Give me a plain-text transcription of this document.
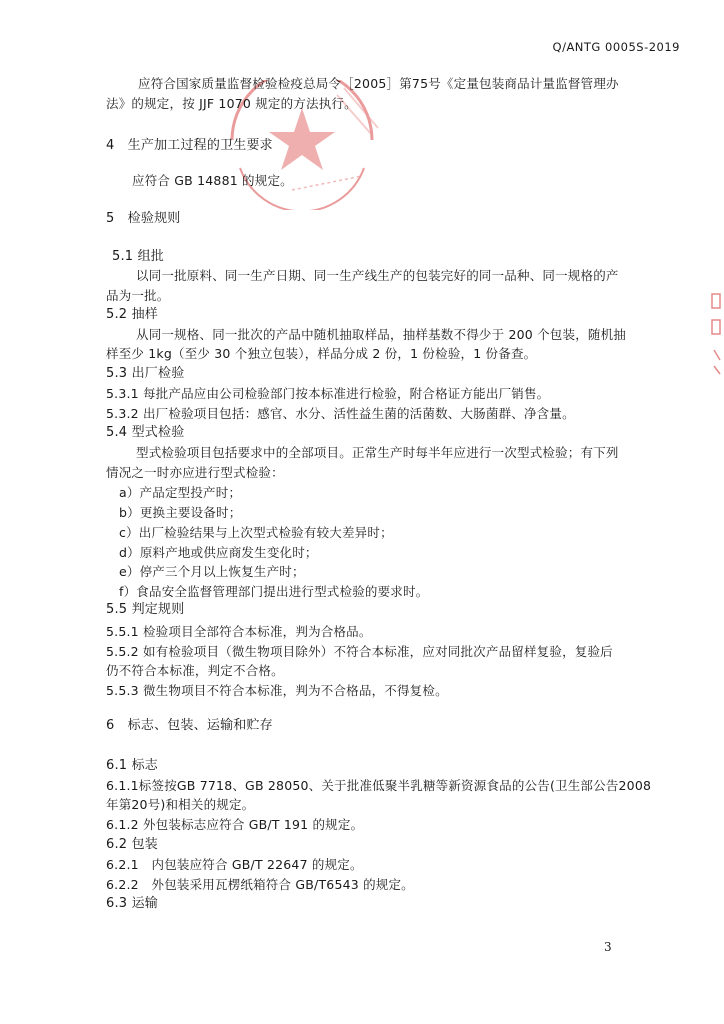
Q/ANTG 0005S-2019
应符合国家质量监督检验检疫总局令［2005］第75号《定量包装商品计量监督管理办
法》的规定，按 JJF 1070 规定的方法执行。
4　生产加工过程的卫生要求
应符合 GB 14881 的规定。
5　检验规则
5.1 组批
以同一批原料、同一生产日期、同一生产线生产的包装完好的同一品种、同一规格的产
品为一批。
5.2 抽样
从同一规格、同一批次的产品中随机抽取样品，抽样基数不得少于 200 个包装，随机抽
样至少 1kg（至少 30 个独立包装），样品分成 2 份，1 份检验，1 份备查。
5.3 出厂检验
5.3.1 每批产品应由公司检验部门按本标准进行检验，附合格证方能出厂销售。
5.3.2 出厂检验项目包括：感官、水分、活性益生菌的活菌数、大肠菌群、净含量。
5.4 型式检验
型式检验项目包括要求中的全部项目。正常生产时每半年应进行一次型式检验；有下列
情况之一时亦应进行型式检验：
a）产品定型投产时；
b）更换主要设备时；
c）出厂检验结果与上次型式检验有较大差异时；
d）原料产地或供应商发生变化时；
e）停产三个月以上恢复生产时；
f）食品安全监督管理部门提出进行型式检验的要求时。
5.5 判定规则
5.5.1 检验项目全部符合本标准，判为合格品。
5.5.2 如有检验项目（微生物项目除外）不符合本标准，应对同批次产品留样复验，复验后
仍不符合本标准，判定不合格。
5.5.3 微生物项目不符合本标准，判为不合格品，不得复检。
6　标志、包装、运输和贮存
6.1 标志
6.1.1标签按GB 7718、GB 28050、关于批准低聚半乳糖等新资源食品的公告(卫生部公告2008
年第20号)和相关的规定。
6.1.2 外包装标志应符合 GB/T 191 的规定。
6.2 包装
6.2.1　内包装应符合 GB/T 22647 的规定。
6.2.2　外包装采用瓦楞纸箱符合 GB/T6543 的规定。
6.3 运输
3
